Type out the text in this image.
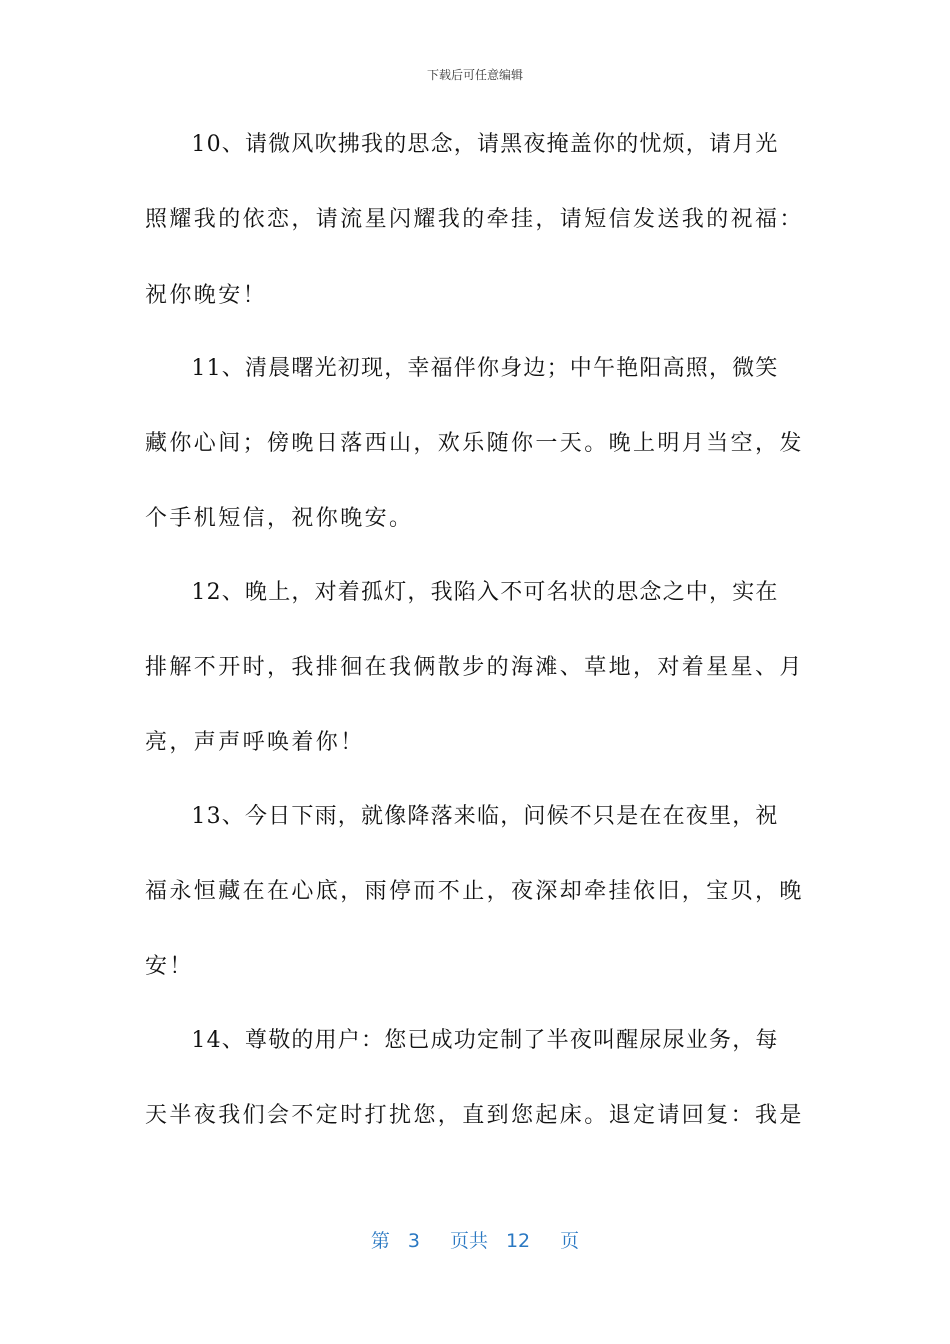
下载后可任意编辑
　　10、请微风吹拂我的思念，请黑夜掩盖你的忧烦，请月光
照耀我的依恋，请流星闪耀我的牵挂，请短信发送我的祝福：
祝你晚安！
　　11、清晨曙光初现，幸福伴你身边；中午艳阳高照，微笑
藏你心间；傍晚日落西山，欢乐随你一天。晚上明月当空，发
个手机短信，祝你晚安。
　　12、晚上，对着孤灯，我陷入不可名状的思念之中，实在
排解不开时，我排徊在我俩散步的海滩、草地，对着星星、月
亮，声声呼唤着你！
　　13、今日下雨，就像降落来临，问候不只是在在夜里，祝
福永恒藏在在心底，雨停而不止，夜深却牵挂依旧，宝贝，晚
安！
　　14、尊敬的用户：您已成功定制了半夜叫醒尿尿业务，每
天半夜我们会不定时打扰您，直到您起床。退定请回复：我是
第 3 页共 12 页
